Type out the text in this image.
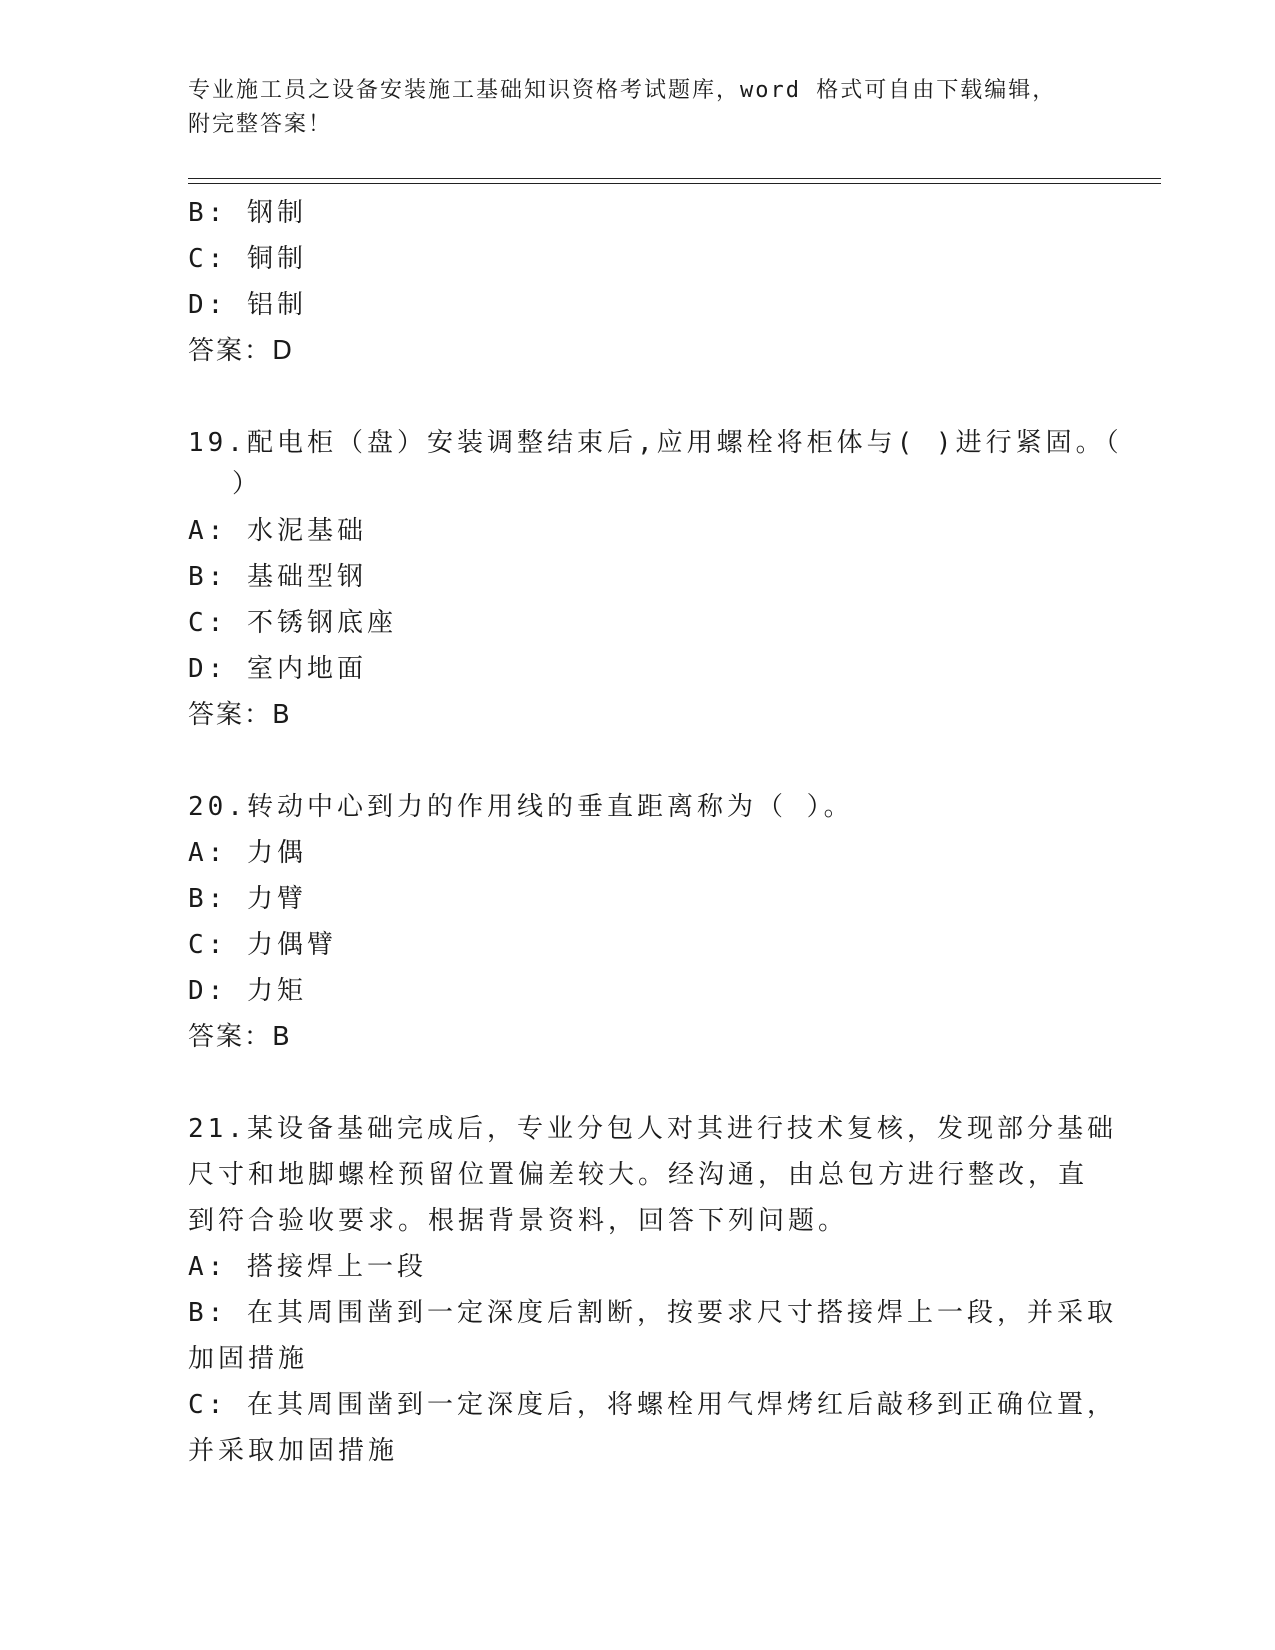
专业施工员之设备安装施工基础知识资格考试题库，word 格式可自由下载编辑，
附完整答案！
B: 钢制
C: 铜制
D: 铝制
答案：D
19.配电柜（盘）安装调整结束后,应用螺栓将柜体与( )进行紧固。（
）
A: 水泥基础
B: 基础型钢
C: 不锈钢底座
D: 室内地面
答案：B
20.转动中心到力的作用线的垂直距离称为（ ）。
A: 力偶
B: 力臂
C: 力偶臂
D: 力矩
答案：B
21.某设备基础完成后，专业分包人对其进行技术复核，发现部分基础
尺寸和地脚螺栓预留位置偏差较大。经沟通，由总包方进行整改，直
到符合验收要求。根据背景资料，回答下列问题。
A: 搭接焊上一段
B: 在其周围凿到一定深度后割断，按要求尺寸搭接焊上一段，并采取
加固措施
C: 在其周围凿到一定深度后，将螺栓用气焊烤红后敲移到正确位置，
并采取加固措施
